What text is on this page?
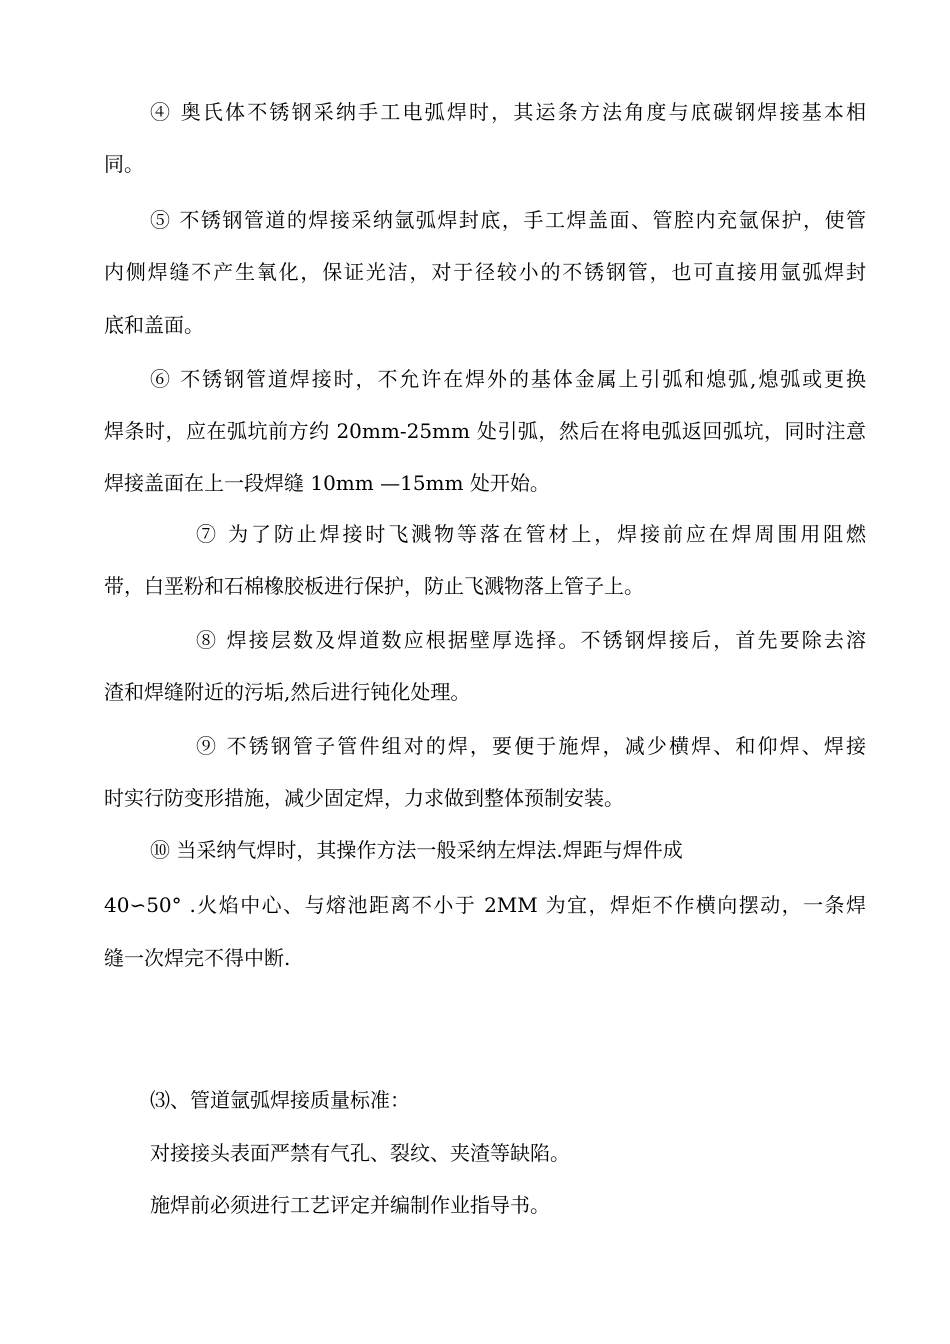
④ 奥氏体不锈钢采纳手工电弧焊时，其运条方法角度与底碳钢焊接基本相
同。
⑤ 不锈钢管道的焊接采纳氩弧焊封底，手工焊盖面、管腔内充氩保护，使管
内侧焊缝不产生氧化，保证光洁，对于径较小的不锈钢管，也可直接用氩弧焊封
底和盖面。
⑥ 不锈钢管道焊接时，不允许在焊外的基体金属上引弧和熄弧,熄弧或更换
焊条时，应在弧坑前方约 20mm-25mm 处引弧，然后在将电弧返回弧坑，同时注意
焊接盖面在上一段焊缝 10mm —15mm 处开始。
⑦ 为了防止焊接时飞溅物等落在管材上，焊接前应在焊周围用阻燃
带，白垩粉和石棉橡胶板进行保护，防止飞溅物落上管子上。
⑧ 焊接层数及焊道数应根据壁厚选择。不锈钢焊接后，首先要除去溶
渣和焊缝附近的污垢,然后进行钝化处理。
⑨ 不锈钢管子管件组对的焊，要便于施焊，减少横焊、和仰焊、焊接
时实行防变形措施，减少固定焊，力求做到整体预制安装。
⑩ 当采纳气焊时，其操作方法一般采纳左焊法.焊距与焊件成
40∽50° .火焰中心、与熔池距离不小于 2MM 为宜，焊炬不作横向摆动，一条焊
缝一次焊完不得中断.
⑶、管道氩弧焊接质量标准：
对接接头表面严禁有气孔、裂纹、夹渣等缺陷。
施焊前必须进行工艺评定并编制作业指导书。
